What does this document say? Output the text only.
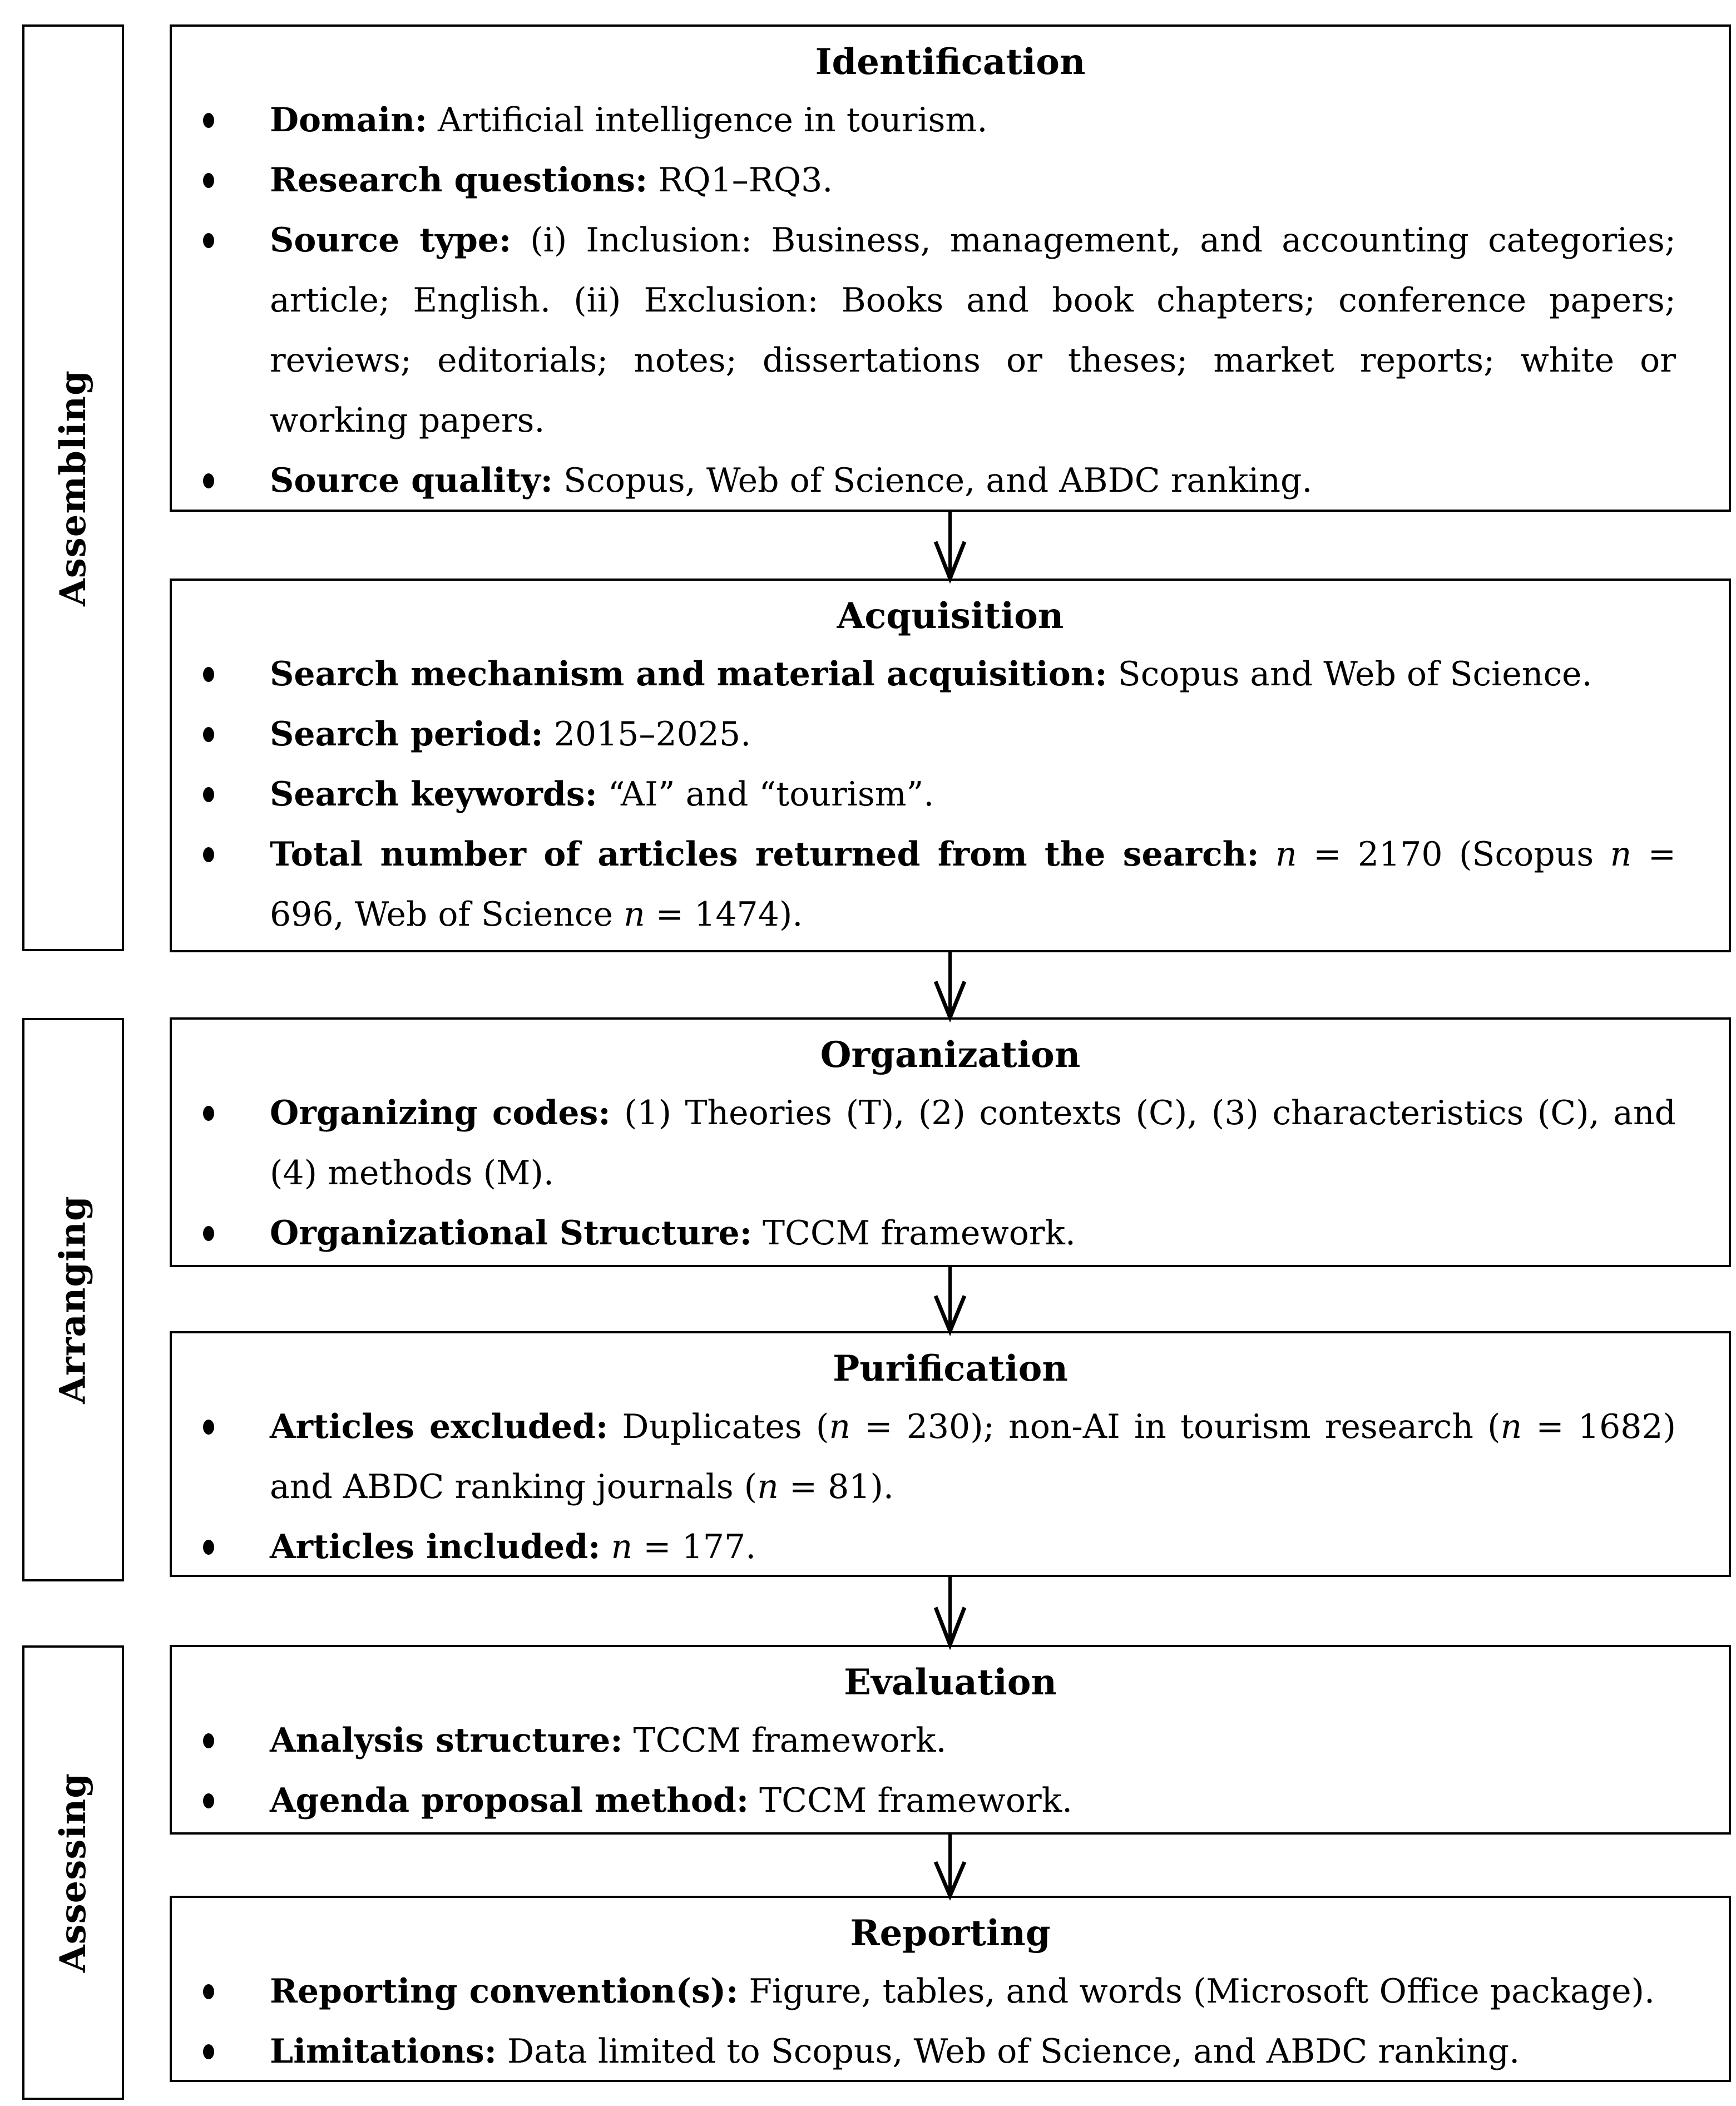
Assembling
Arranging
Assessing
Identification
Domain: Artificial intelligence in tourism.
Research questions: RQ1–RQ3.
Source type: (i) Inclusion: Business, management, and accounting categories; article; English. (ii) Exclusion: Books and book chapters; conference papers; reviews; editorials; notes; dissertations or theses; market reports; white or working papers.
Source quality: Scopus, Web of Science, and ABDC ranking.
Acquisition
Search mechanism and material acquisition: Scopus and Web of Science.
Search period: 2015–2025.
Search keywords: “AI” and “tourism”.
Total number of articles returned from the search: n = 2170 (Scopus n = 696, Web of Science n = 1474).
Organization
Organizing codes: (1) Theories (T), (2) contexts (C), (3) characteristics (C), and (4) methods (M).
Organizational Structure: TCCM framework.
Purification
Articles excluded: Duplicates (n = 230); non-AI in tourism research (n = 1682) and ABDC ranking journals (n = 81).
Articles included: n = 177.
Evaluation
Analysis structure: TCCM framework.
Agenda proposal method: TCCM framework.
Reporting
Reporting convention(s): Figure, tables, and words (Microsoft Office package).
Limitations: Data limited to Scopus, Web of Science, and ABDC ranking.
